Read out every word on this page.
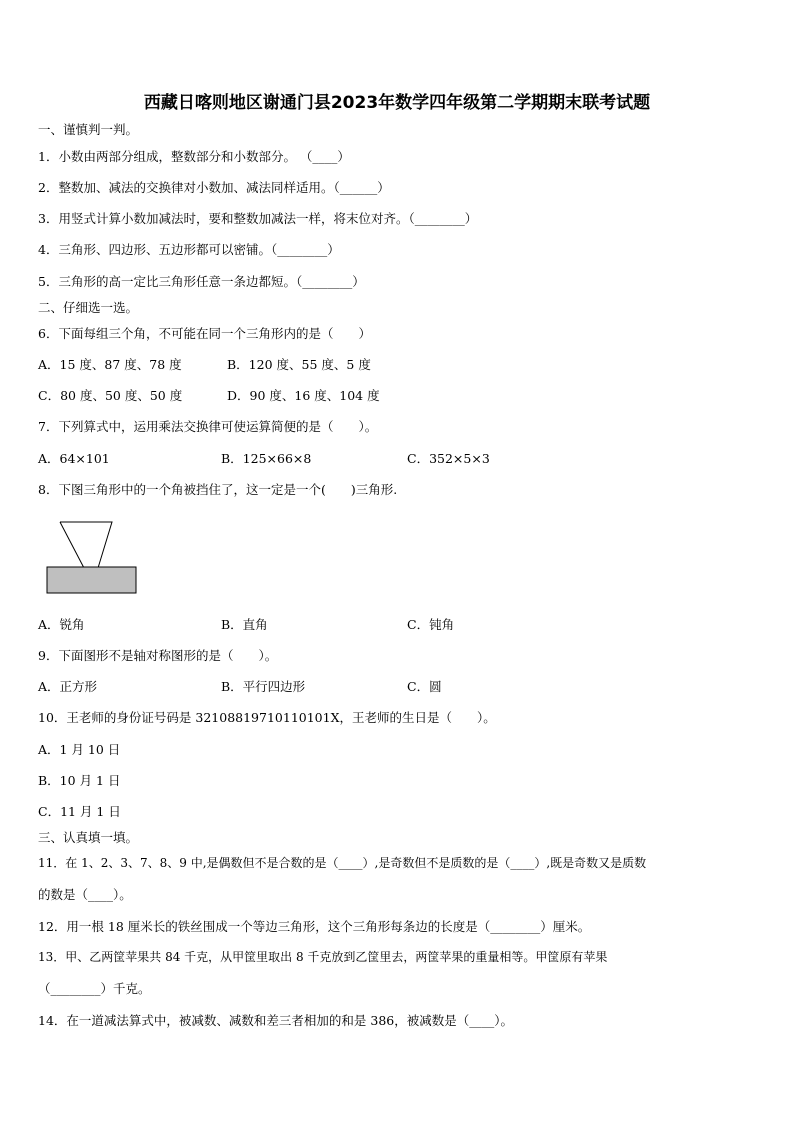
西藏日喀则地区谢通门县2023年数学四年级第二学期期末联考试题
一、谨慎判一判。
1．小数由两部分组成，整数部分和小数部分。 （____）
2．整数加、减法的交换律对小数加、减法同样适用。（______）
3．用竖式计算小数加减法时，要和整数加减法一样，将末位对齐。（________）
4．三角形、四边形、五边形都可以密铺。（________）
5．三角形的高一定比三角形任意一条边都短。（________）
二、仔细选一选。
6．下面每组三个角，不可能在同一个三角形内的是（　　）
A．15 度、87 度、78 度	B．120 度、55 度、5 度
C．80 度、50 度、50 度	D．90 度、16 度、104 度
7．下列算式中，运用乘法交换律可使运算简便的是（　　）。
A．64×101	B．125×66×8	C．352×5×3
8．下图三角形中的一个角被挡住了，这一定是一个(　　)三角形.
A．锐角	B．直角	C．钝角
9．下面图形不是轴对称图形的是（　　）。
A．正方形	B．平行四边形	C．圆
10．王老师的身份证号码是 32108819710110101X，王老师的生日是（　　）。
A．1 月 10 日
B．10 月 1 日
C．11 月 1 日
三、认真填一填。
11．在 1、2、3、7、8、9 中,是偶数但不是合数的是（____）,是奇数但不是质数的是（____）,既是奇数又是质数
的数是（____）。
12．用一根 18 厘米长的铁丝围成一个等边三角形，这个三角形每条边的长度是（________）厘米。
13．甲、乙两筐苹果共 84 千克，从甲筐里取出 8 千克放到乙筐里去，两筐苹果的重量相等。甲筐原有苹果
（________）千克。
14．在一道减法算式中，被减数、减数和差三者相加的和是 386，被减数是（____）。
